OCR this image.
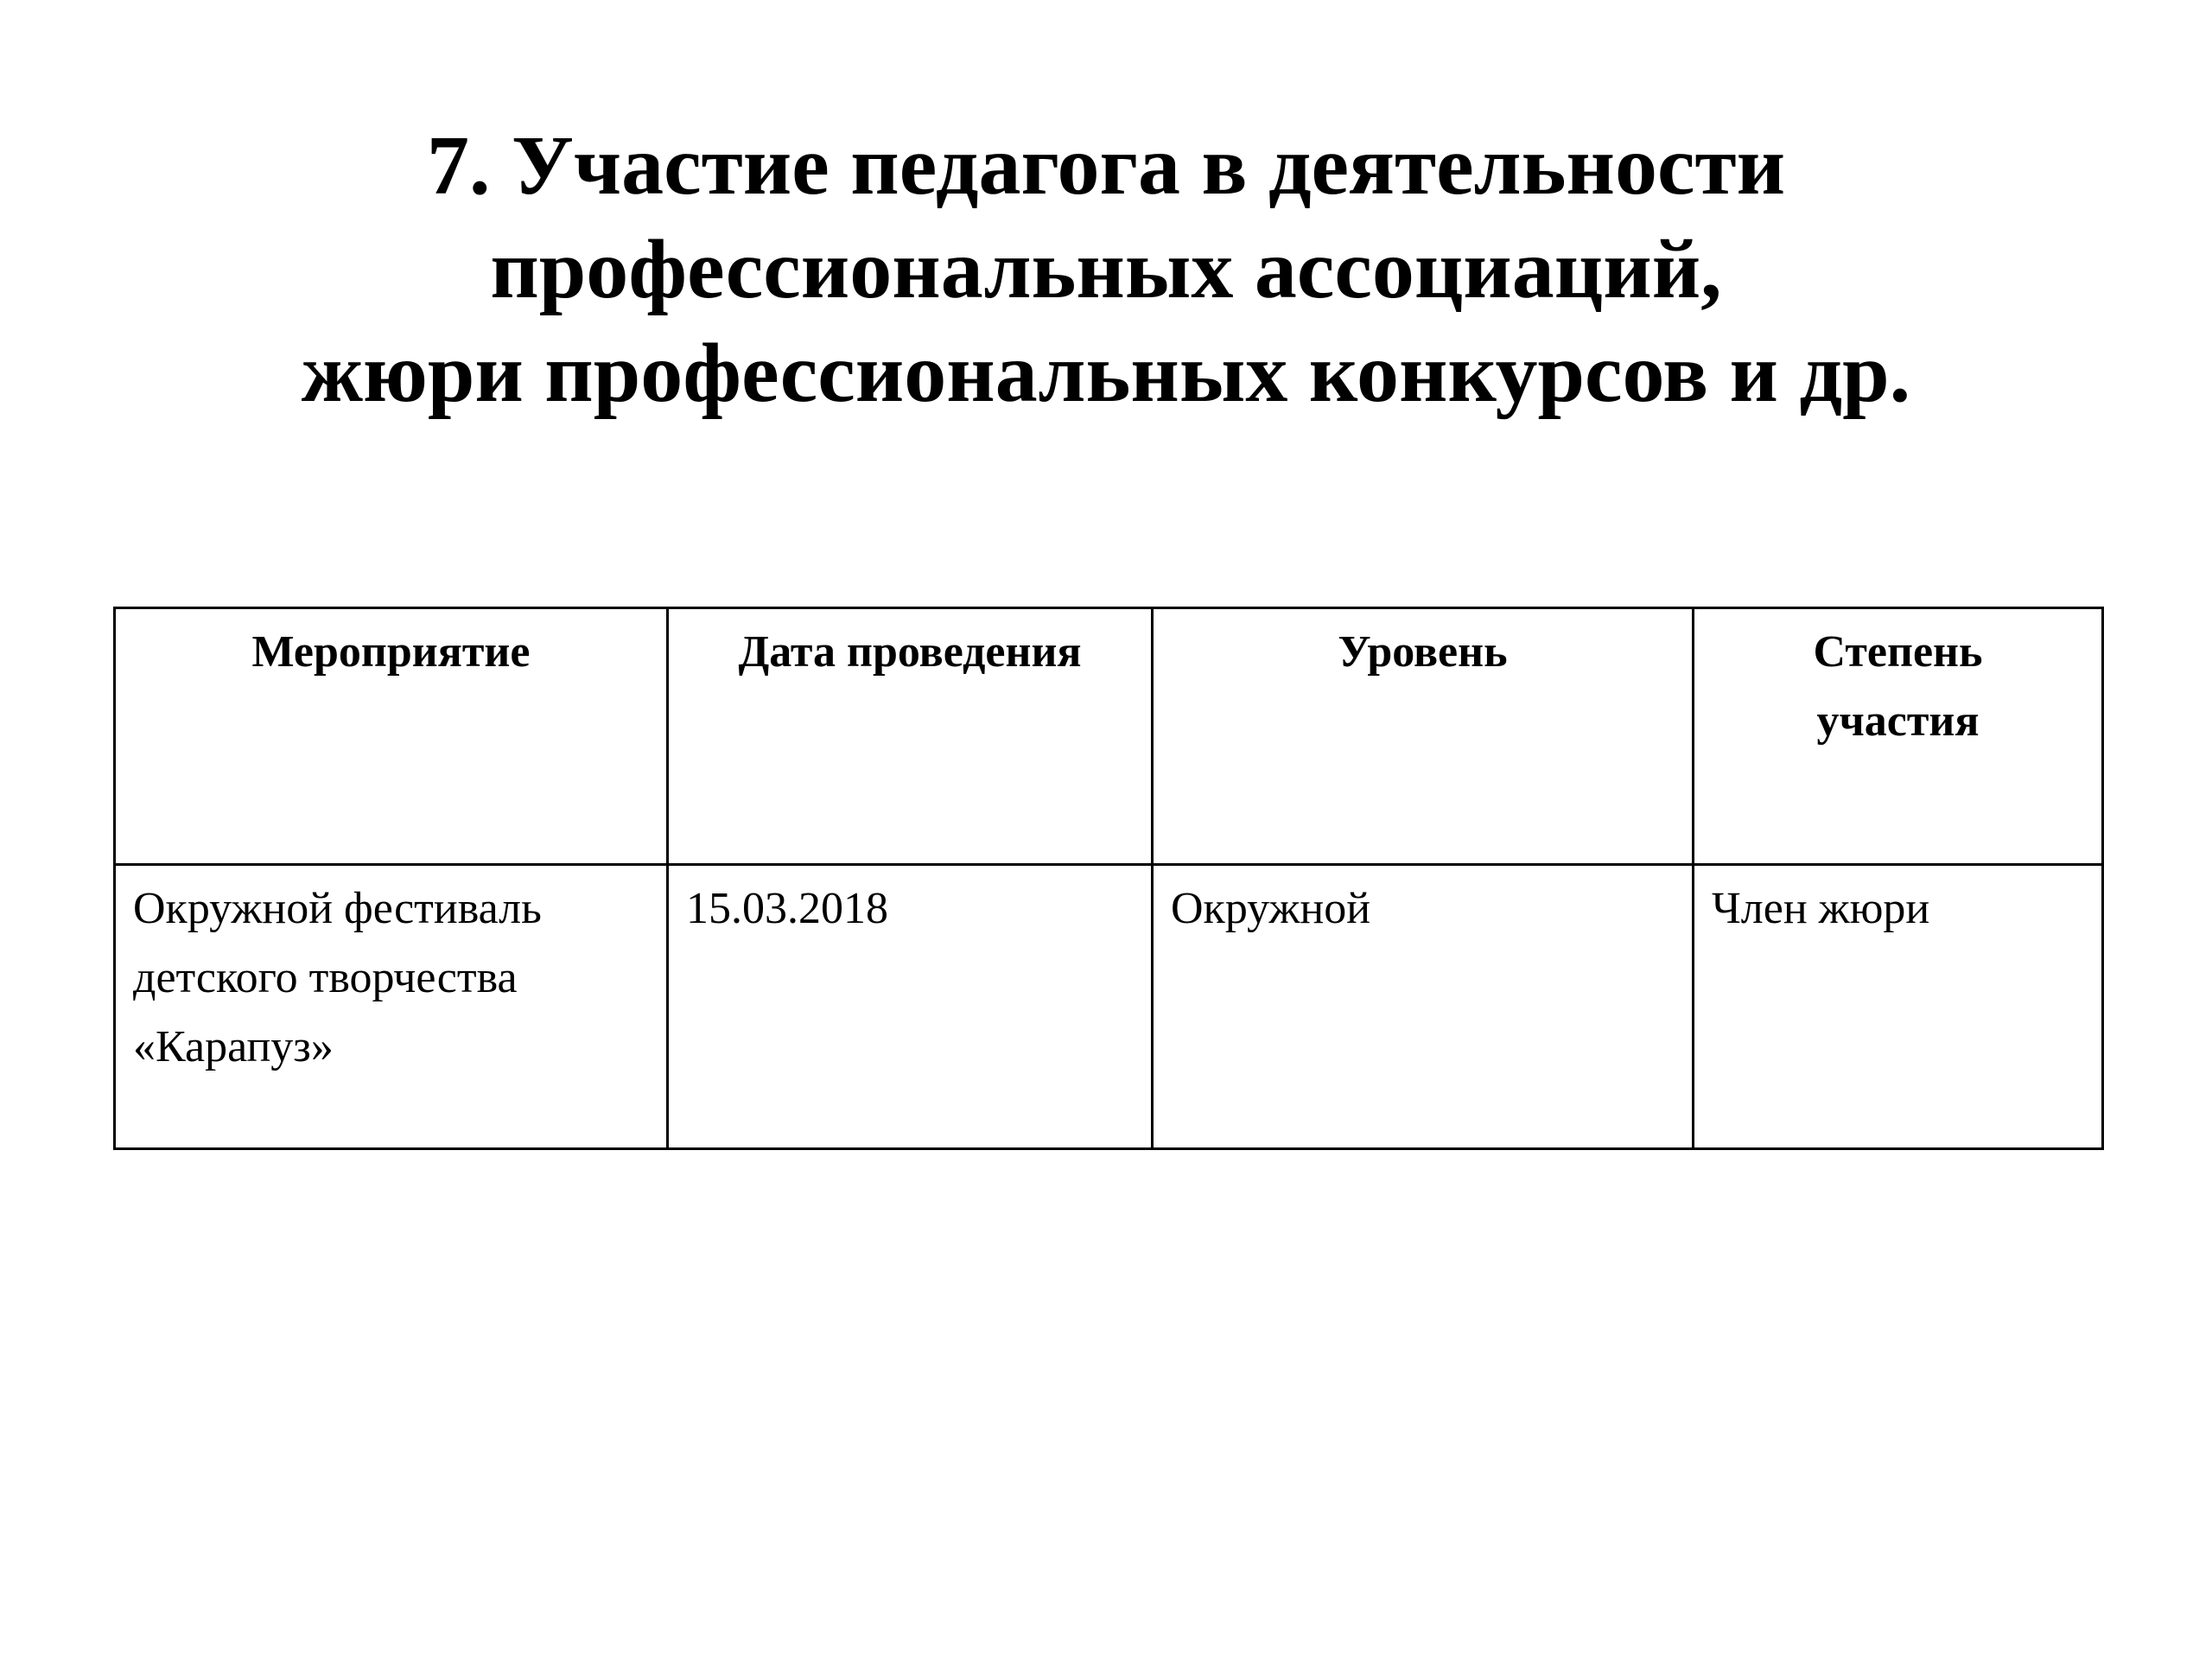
7. Участие педагога в деятельности
профессиональных ассоциаций,
жюри профессиональных конкурсов и др.
Мероприятие	Дата проведения	Уровень	Степень участия

Окружной фестиваль детского творчества «Карапуз»	15.03.2018	Окружной	Член жюри
